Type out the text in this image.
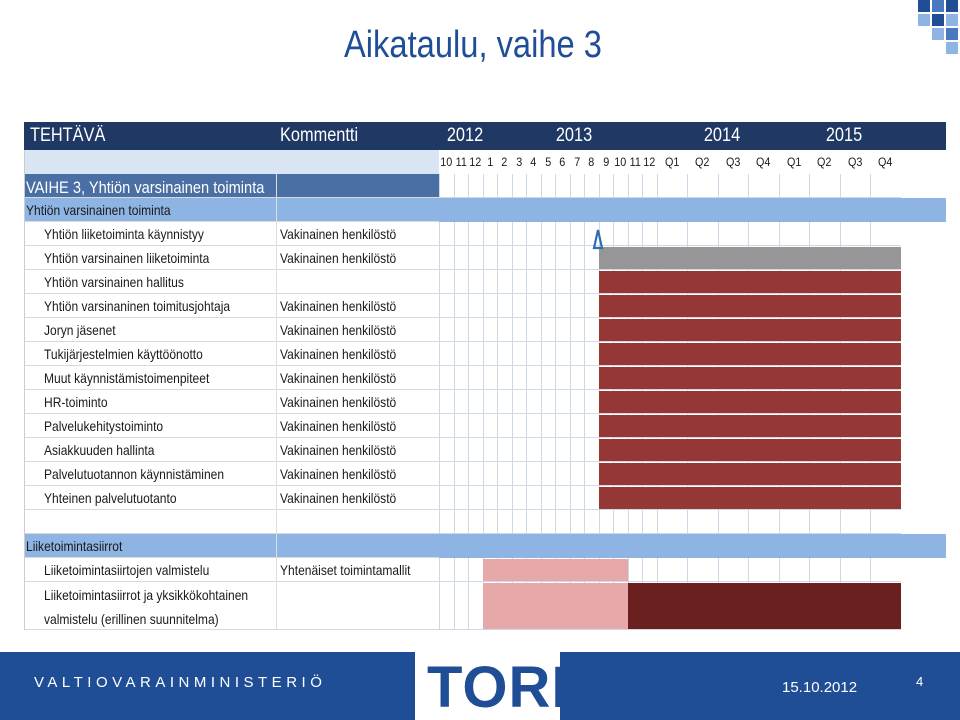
Aikataulu, vaihe 3
TEHTÄVÄ	Kommentti	2012	2013	2014	2015
10 11 12 1 2 3 4 5 6 7 8 9 10 11 12 Q1	Q2	Q3	Q4	Q1	Q2	Q3	Q4
VAIHE 3, Yhtiön varsinainen toiminta
Yhtiön varsinainen toiminta
Yhtiön liiketoiminta käynnistyy	Vakinainen henkilöstö
Yhtiön varsinainen liiketoiminta	Vakinainen henkilöstö
Yhtiön varsinainen hallitus
Yhtiön varsinaninen toimitusjohtaja	Vakinainen henkilöstö
Joryn jäsenet	Vakinainen henkilöstö
Tukijärjestelmien käyttöönotto	Vakinainen henkilöstö
Muut käynnistämistoimenpiteet	Vakinainen henkilöstö
HR-toiminto	Vakinainen henkilöstö
Palvelukehitystoiminto	Vakinainen henkilöstö
Asiakkuuden hallinta	Vakinainen henkilöstö
Palvelutuotannon käynnistäminen	Vakinainen henkilöstö
Yhteinen palvelutuotanto	Vakinainen henkilöstö
Liiketoimintasiirrot
Liiketoimintasiirtojen valmistelu	Yhtenäiset toimintamallit
Liiketoimintasiirrot ja yksikkökohtainen
valmistelu (erillinen suunnitelma)
VALTIOVARAINMINISTERIÖ TORI	15.10.2012	4
